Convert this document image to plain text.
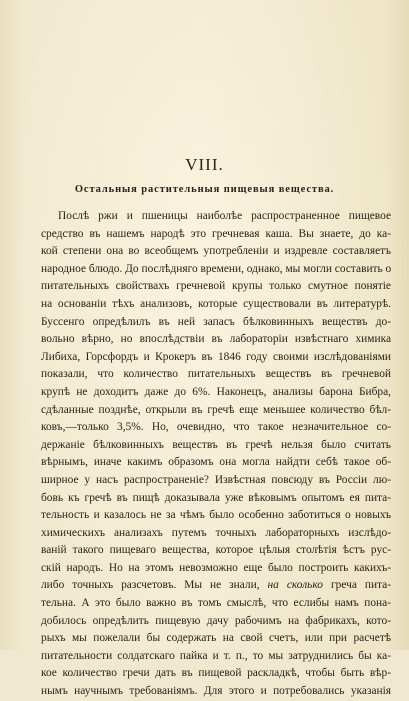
VIII.
Остальныя растительныя пищевыя вещества.
Послѣ ржи и пшеницы наиболѣе распространенное пищевое
средство въ нашемъ народѣ это гречневая каша. Вы знаете, до ка-
кой степени она во всеобщемъ употребленіи и издревле составляетъ
народное блюдо. До послѣдняго времени, однако, мы могли составить о
питательныхъ свойствахъ гречневой крупы только смутное понятіе
на основаніи тѣхъ анализовъ, которые существовали въ литературѣ.
Буссенго опредѣлилъ въ ней запасъ бѣлковинныхъ веществъ до-
вольно вѣрно, но впослѣдствіи въ лабораторіи извѣстнаго химика
Либиха, Горсфордъ и Крокеръ въ 1846 году своими изслѣдованіями
показали, что количество питательныхъ веществъ въ гречневой
крупѣ не доходитъ даже до 6%. Наконецъ, анализы барона Бибра,
сдѣланные позднѣе, открыли въ гречѣ еще меньшее количество бѣл-
ковъ,—только 3,5%. Но, очевидно, что такое незначительное со-
держаніе бѣлковинныхъ веществъ въ гречѣ нельзя было считать
вѣрнымъ, иначе какимъ образомъ она могла найдти себѣ такое об-
ширное у насъ распространеніе? Извѣстная повсюду въ Россіи лю-
бовь къ гречѣ въ пищѣ доказывала уже вѣковымъ опытомъ ея пита-
тельность и казалось не за чѣмъ было особенно заботиться о новыхъ
химическихъ анализахъ путемъ точныхъ лабораторныхъ изслѣдо-
ваній такого пищеваго вещества, которое цѣлыя столѣтія ѣстъ рус-
скій народъ. Но на этомъ невозможно еще было построить какихъ-
либо точныхъ разсчетовъ. Мы не знали, на сколько греча пита-
тельна. А это было важно въ томъ смыслѣ, что еслибы намъ пона-
добилось опредѣлить пищевую дачу рабочимъ на фабрикахъ, кото-
рыхъ мы пожелали бы содержать на свой счетъ, или при расчетѣ
питательности солдатскаго пайка и т. п., то мы затруднились бы ка-
кое количество гречи дать въ пищевой раскладкѣ, чтобы быть вѣр-
нымъ научнымъ требованіямъ. Для этого и потребовались указанія
